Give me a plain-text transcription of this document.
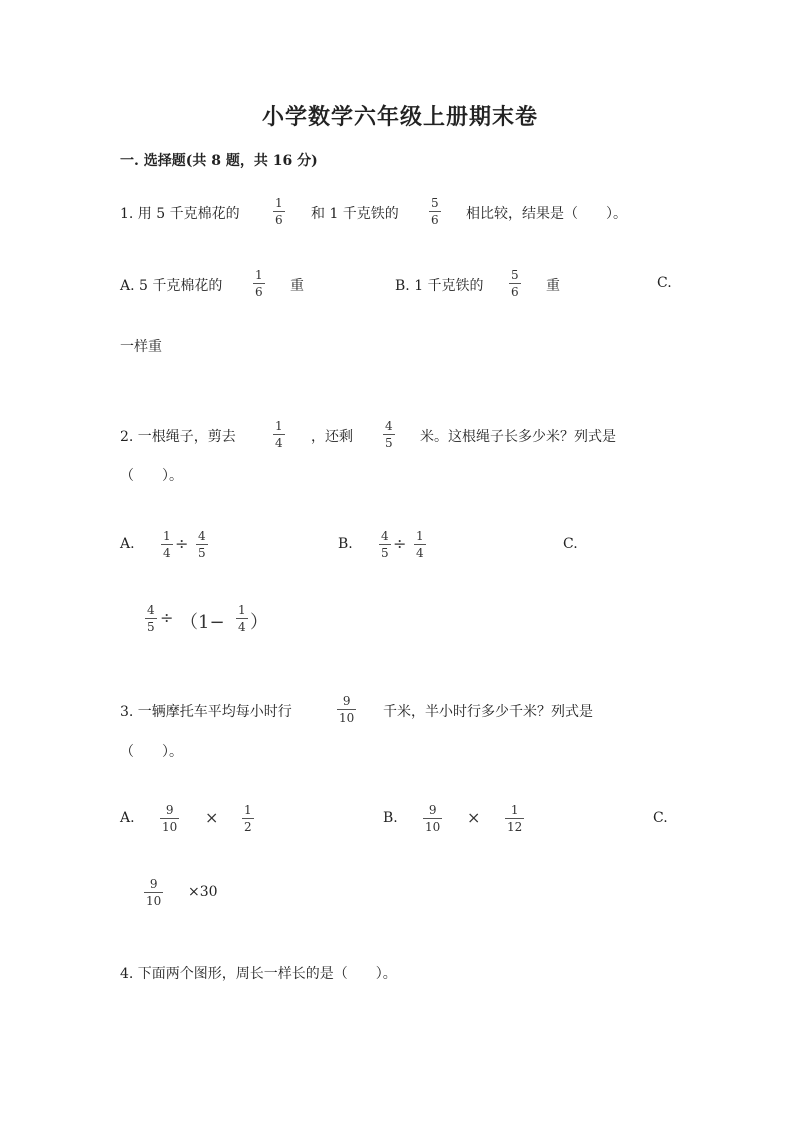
小学数学六年级上册期末卷
一. 选择题(共 8 题，共 16 分)
1. 用 5 千克棉花的
1
6 和 1 千克铁的
5
6 相比较，结果是（　　）。
A. 5 千克棉花的
1
6 重	B. 1 千克铁的
5
6 重	C.
一样重
2. 一根绳子，剪去
1
4 ，还剩
4
5 米。这根绳子长多少米？列式是
（　　）。
A. 1
4 ÷ 4
5
B. 4
5 ÷ 1
4
C.
4
5 ÷ （1−
1
4 ）
3. 一辆摩托车平均每小时行
9
10 千米，半小时行多少千米？列式是
（　　）。
A.	9
10 × 1
2
B.	9
10 ×	1
12
C.
9
10
×30
4. 下面两个图形，周长一样长的是（　　）。
